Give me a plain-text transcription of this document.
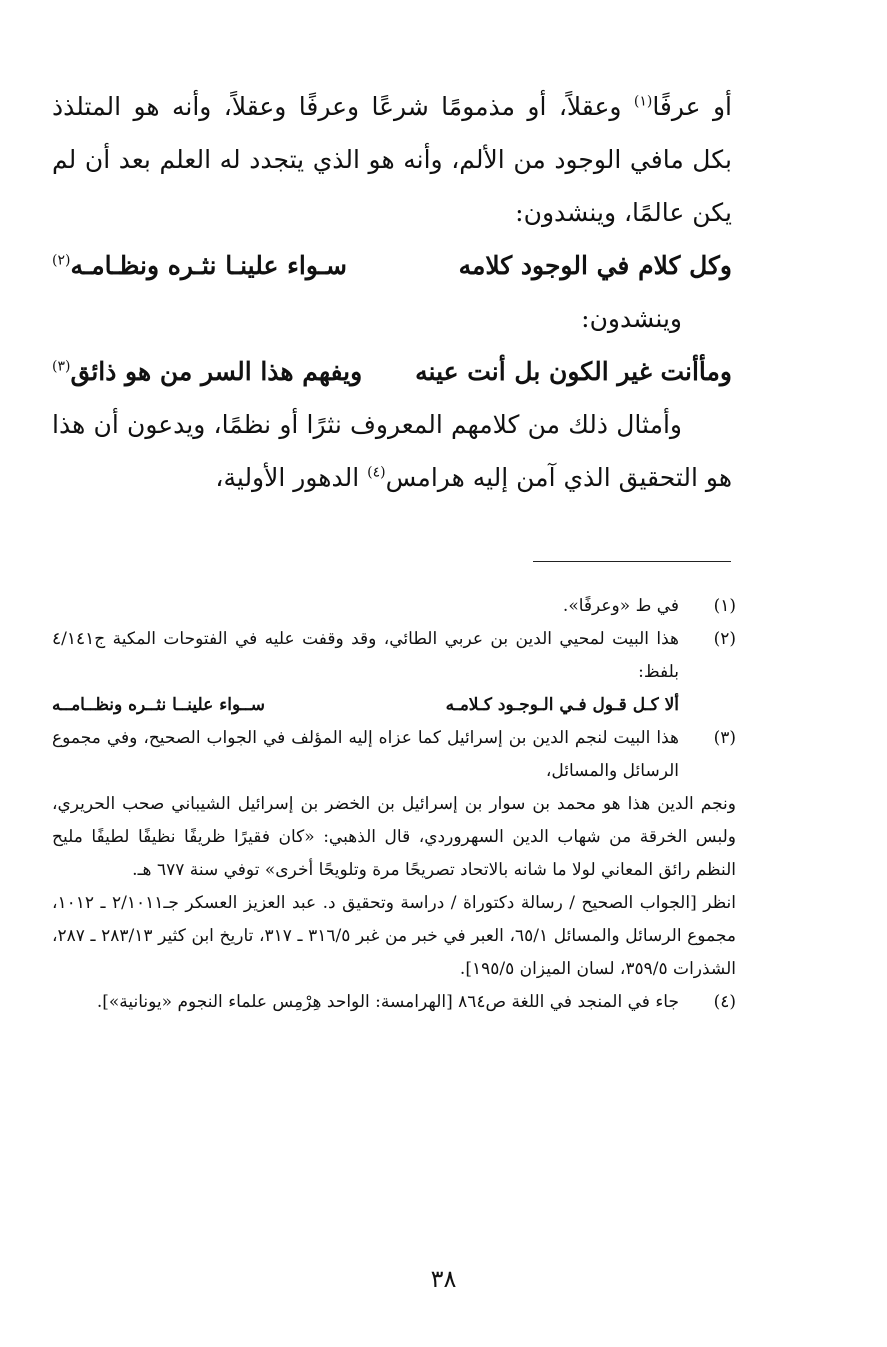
أو عرفًا$^{(١)}$ وعقلاً، أو مذمومًا شرعًا وعرفًا وعقلاً، وأنه هو المتلذذ بكل مافي الوجود من الألم، وأنه هو الذي يتجدد له العلم بعد أن لم يكن عالمًا، وينشدون:

وكل كلام في الوجود كلامه
سـواء علينـا نثـره ونظـامـه$^{(٢)}$

وينشدون:

ومأأنت غير الكون بل أنت عينه
ويفهم هذا السر من هو ذائق$^{(٣)}$

وأمثال ذلك من كلامهم المعروف نثرًا أو نظمًا، ويدعون أن هذا هو التحقيق الذي آمن إليه هرامس$^{(٤)}$ الدهور الأولية،

(١)

في ط «وعرفًا».

(٢)

هذا البيت لمحيي الدين بن عربي الطائي، وقد وقفت عليه في الفتوحات المكية ج٤/١٤١ بلفظ:

ألا كـل قـول فـي الـوجـود كـلامـه
ســواء علينــا نثــره ونظــامــه
(٣)

هذا البيت لنجم الدين بن إسرائيل كما عزاه إليه المؤلف في الجواب الصحيح، وفي مجموع الرسائل والمسائل،

ونجم الدين هذا هو محمد بن سوار بن إسرائيل بن الخضر بن إسرائيل الشيباني صحب الحريري، ولبس الخرقة من شهاب الدين السهروردي، قال الذهبي: «كان فقيرًا ظريفًا نظيفًا لطيفًا مليح النظم رائق المعاني لولا ما شانه بالاتحاد تصريحًا مرة وتلويحًا أخرى» توفي سنة ٦٧٧ هـ.

انظر [الجواب الصحيح / رسالة دكتوراة / دراسة وتحقيق د. عبد العزيز العسكر جـ٢/١٠١١ ـ ١٠١٢، مجموع الرسائل والمسائل ٦٥/١، العبر في خبر من غبر ٣١٦/٥ ـ ٣١٧، تاريخ ابن كثير ٢٨٣/١٣ ـ ٢٨٧، الشذرات ٣٥٩/٥، لسان الميزان ١٩٥/٥].

(٤)

جاء في المنجد في اللغة ص٨٦٤ [الهرامسة: الواحد هِرْمِس علماء النجوم «يونانية»].

٣٨
